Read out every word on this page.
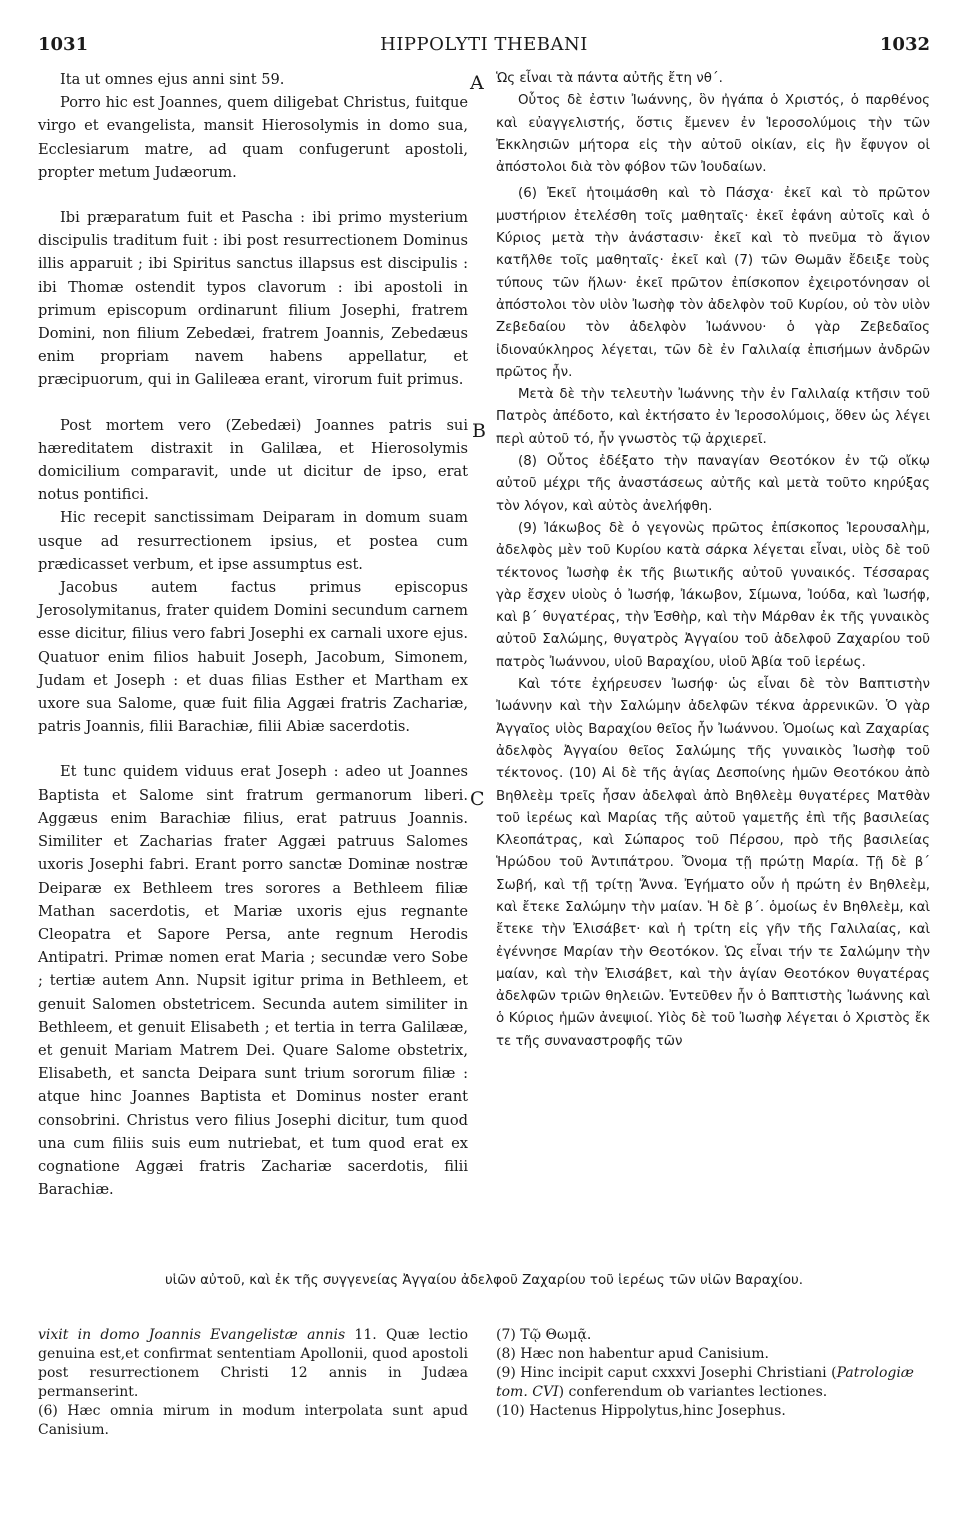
1031	HIPPOLYTI THEBANI	1032

Ita ut omnes ejus anni sint 59.

Porro hic est Joannes, quem diligebat Christus, fuitque virgo et evangelista, mansit Hierosolymis in domo sua, Ecclesiarum matre, ad quam confugerunt apostoli, propter metum Judæorum.

Ibi præparatum fuit et Pascha : ibi primo mysterium discipulis traditum fuit : ibi post resurrectionem Dominus illis apparuit ; ibi Spiritus sanctus illapsus est discipulis : ibi Thomæ ostendit typos clavorum : ibi apostoli in primum episcopum ordinarunt filium Josephi, fratrem Domini, non filium Zebedæi, fratrem Joannis, Zebedæus enim propriam navem habens appellatur, et præcipuorum, qui in Galileæa erant, virorum fuit primus.

Post mortem vero (Zebedæi) Joannes patris sui hæreditatem distraxit in Galilæa, et Hierosolymis domicilium comparavit, unde ut dicitur de ipso, erat notus pontifici.

Hic recepit sanctissimam Deiparam in domum suam usque ad resurrectionem ipsius, et postea cum prædicasset verbum, et ipse assumptus est.

Jacobus autem factus primus episcopus Jerosolymitanus, frater quidem Domini secundum carnem esse dicitur, filius vero fabri Josephi ex carnali uxore ejus. Quatuor enim filios habuit Joseph, Jacobum, Simonem, Judam et Joseph : et duas filias Esther et Martham ex uxore sua Salome, quæ fuit filia Aggæi fratris Zachariæ, patris Joannis, filii Barachiæ, filii Abiæ sacerdotis.

Et tunc quidem viduus erat Joseph : adeo ut Joannes Baptista et Salome sint fratrum germanorum liberi. Aggæus enim Barachiæ filius, erat patruus Joannis. Similiter et Zacharias frater Aggæi patruus Salomes uxoris Josephi fabri. Erant porro sanctæ Dominæ nostræ Deiparæ ex Bethleem tres sorores a Bethleem filiæ Mathan sacerdotis, et Mariæ uxoris ejus regnante Cleopatra et Sapore Persa, ante regnum Herodis Antipatri. Primæ nomen erat Maria ; secundæ vero Sobe ; tertiæ autem Ann. Nupsit igitur prima in Bethleem, et genuit Salomen obstetricem. Secunda autem similiter in Bethleem, et genuit Elisabeth ; et tertia in terra Galilææ, et genuit Mariam Matrem Dei. Quare Salome obstetrix, Elisabeth, et sancta Deipara sunt trium sororum filiæ : atque hinc Joannes Baptista et Dominus noster erant consobrini. Christus vero filius Josephi dicitur, tum quod una cum filiis suis eum nutriebat, et tum quod erat ex cognatione Aggæi fratris Zachariæ sacerdotis, filii Barachiæ.

A
B
C

Ὡς εἶναι τὰ πάντα αὐτῆς ἔτη νθ´.

Οὗτος δὲ ἐστιν Ἰωάννης, ὃν ἠγάπα ὁ Χριστός, ὁ παρθένος καὶ εὐαγγελιστής, ὅστις ἔμενεν ἐν Ἱεροσολύμοις τὴν τῶν Ἐκκλησιῶν μήτορα εἰς τὴν αὐτοῦ οἰκίαν, εἰς ἣν ἔφυγον οἱ ἀπόστολοι διὰ τὸν φόβον τῶν Ἰουδαίων.

(6) Ἐκεῖ ἡτοιμάσθη καὶ τὸ Πάσχα· ἐκεῖ καὶ τὸ πρῶτον μυστήριον ἐτελέσθη τοῖς μαθηταῖς· ἐκεῖ ἐφάνη αὐτοῖς καὶ ὁ Κύριος μετὰ τὴν ἀνάστασιν· ἐκεῖ καὶ τὸ πνεῦμα τὸ ἅγιον κατῆλθε τοῖς μαθηταῖς· ἐκεῖ καὶ (7) τῶν Θωμᾶν ἔδειξε τοὺς τύπους τῶν ἥλων· ἐκεῖ πρῶτον ἐπίσκοπον ἐχειροτόνησαν οἱ ἀπόστολοι τὸν υἱὸν Ἰωσὴφ τὸν ἀδελφὸν τοῦ Κυρίου, οὐ τὸν υἱὸν Ζεβεδαίου τὸν ἀδελφὸν Ἰωάννου· ὁ γὰρ Ζεβεδαῖος ἰδιοναύκληρος λέγεται, τῶν δὲ ἐν Γαλιλαίᾳ ἐπισήμων ἀνδρῶν πρῶτος ἦν.

Μετὰ δὲ τὴν τελευτὴν Ἰωάννης τὴν ἐν Γαλιλαίᾳ κτῆσιν τοῦ Πατρὸς ἀπέδοτο, καὶ ἐκτήσατο ἐν Ἱεροσολύμοις, ὅθεν ὡς λέγει περὶ αὐτοῦ τό, ἦν γνωστὸς τῷ ἀρχιερεῖ.

(8) Οὗτος ἐδέξατο τὴν παναγίαν Θεοτόκον ἐν τῷ οἴκῳ αὐτοῦ μέχρι τῆς ἀναστάσεως αὐτῆς καὶ μετὰ τοῦτο κηρύξας τὸν λόγον, καὶ αὐτὸς ἀνελήφθη.

(9) Ἰάκωβος δὲ ὁ γεγονὼς πρῶτος ἐπίσκοπος Ἱερουσαλὴμ, ἀδελφὸς μὲν τοῦ Κυρίου κατὰ σάρκα λέγεται εἶναι, υἱὸς δὲ τοῦ τέκτονος Ἰωσὴφ ἐκ τῆς βιωτικῆς αὐτοῦ γυναικός. Τέσσαρας γὰρ ἔσχεν υἱοὺς ὁ Ἰωσήφ, Ἰάκωβον, Σίμωνα, Ἰούδα, καὶ Ἰωσήφ, καὶ β´ θυγατέρας, τὴν Ἐσθὴρ, καὶ τὴν Μάρθαν ἐκ τῆς γυναικὸς αὐτοῦ Σαλώμης, θυγατρὸς Ἀγγαίου τοῦ ἀδελφοῦ Ζαχαρίου τοῦ πατρὸς Ἰωάννου, υἱοῦ Βαραχίου, υἱοῦ Ἀβία τοῦ ἱερέως.

Καὶ τότε ἐχήρευσεν Ἰωσήφ· ὡς εἶναι δὲ τὸν Βαπτιστὴν Ἰωάννην καὶ τὴν Σαλώμην ἀδελφῶν τέκνα ἀρρενικῶν. Ὁ γὰρ Ἀγγαῖος υἱὸς Βαραχίου θεῖος ἦν Ἰωάννου. Ὁμοίως καὶ Ζαχαρίας ἀδελφὸς Ἀγγαίου θεῖος Σαλώμης τῆς γυναικὸς Ἰωσὴφ τοῦ τέκτονος. (10) Αἱ δὲ τῆς ἁγίας Δεσποίνης ἡμῶν Θεοτόκου ἀπὸ Βηθλεὲμ τρεῖς ἦσαν ἀδελφαὶ ἀπὸ Βηθλεὲμ θυγατέρες Ματθὰν τοῦ ἱερέως καὶ Μαρίας τῆς αὐτοῦ γαμετῆς ἐπὶ τῆς βασιλείας Κλεοπάτρας, καὶ Σώπαρος τοῦ Πέρσου, πρὸ τῆς βασιλείας Ἡρώδου τοῦ Ἀντιπάτρου. Ὄνομα τῇ πρώτῃ Μαρία. Τῇ δὲ β´ Σωβή, καὶ τῇ τρίτῃ Ἄννα. Ἐγήματο οὖν ἡ πρώτη ἐν Βηθλεὲμ, καὶ ἔτεκε Σαλώμην τὴν μαίαν. Ἡ δὲ β´. ὁμοίως ἐν Βηθλεὲμ, καὶ ἔτεκε τὴν Ἐλισάβετ· καὶ ἡ τρίτη εἰς γῆν τῆς Γαλιλαίας, καὶ ἐγέννησε Μαρίαν τὴν Θεοτόκον. Ὡς εἶναι τήν τε Σαλώμην τὴν μαίαν, καὶ τὴν Ἐλισάβετ, καὶ τὴν ἁγίαν Θεοτόκον θυγατέρας ἀδελφῶν τριῶν θηλειῶν. Ἐντεῦθεν ἦν ὁ Βαπτιστὴς Ἰωάννης καὶ ὁ Κύριος ἡμῶν ἀνεψιοί. Υἱὸς δὲ τοῦ Ἰωσὴφ λέγεται ὁ Χριστὸς ἔκ τε τῆς συναναστροφῆς τῶν

υἱῶν αὐτοῦ, καὶ ἐκ τῆς συγγενείας Ἀγγαίου ἀδελφοῦ Ζαχαρίου τοῦ ἱερέως τῶν υἱῶν Βαραχίου.

vixit in domo Joannis Evangelistæ annis 11. Quæ lectio genuina est,et confirmat sententiam Apollonii, quod apostoli post resurrectionem Christi 12 annis in Judæa permanserint.

(6) Hæc omnia mirum in modum interpolata sunt apud Canisium.

(7) Τῷ Θωμᾷ.

(8) Hæc non habentur apud Canisium.

(9) Hinc incipit caput cxxxvi Josephi Christiani (Patrologiæ tom. CVI) conferendum ob variantes lectiones.

(10) Hactenus Hippolytus,hinc Josephus.
